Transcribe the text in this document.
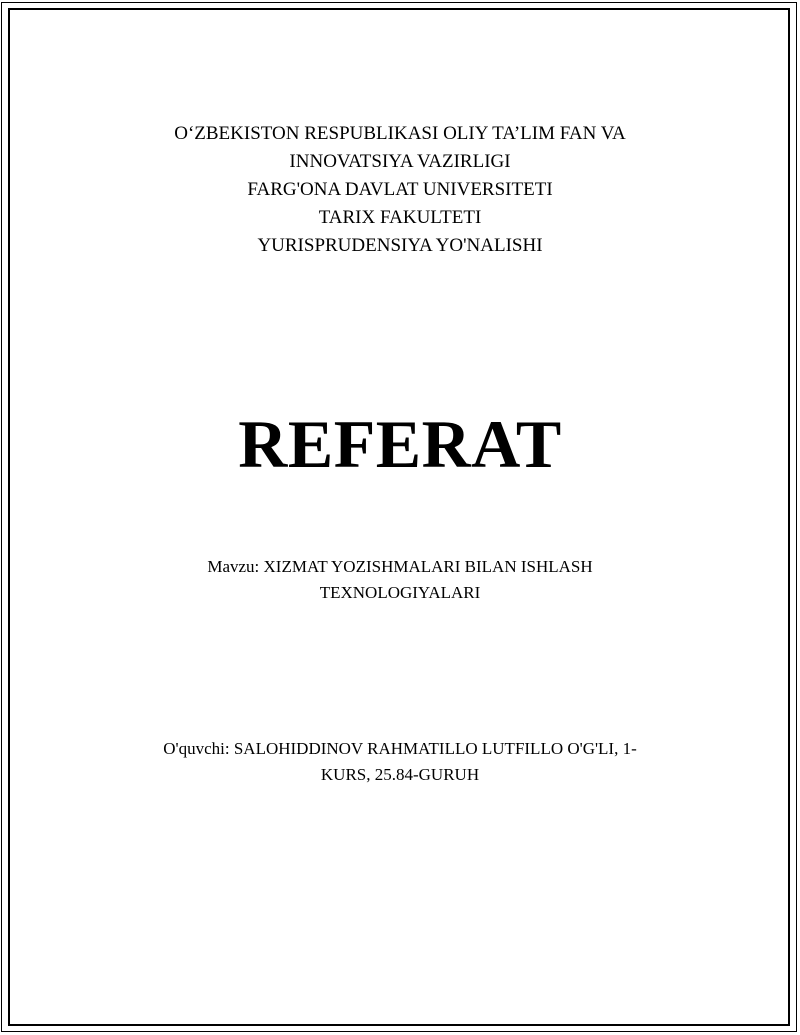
O‘ZBEKISTON RESPUBLIKASI OLIY TA’LIM FAN VA
INNOVATSIYA VAZIRLIGI
FARG'ONA DAVLAT UNIVERSITETI
TARIX FAKULTETI
YURISPRUDENSIYA YO'NALISHI
REFERAT
Mavzu: XIZMAT YOZISHMALARI BILAN ISHLASH
TEXNOLOGIYALARI
O'quvchi: SALOHIDDINOV RAHMATILLO LUTFILLO O'G'LI, 1-
KURS, 25.84-GURUH
